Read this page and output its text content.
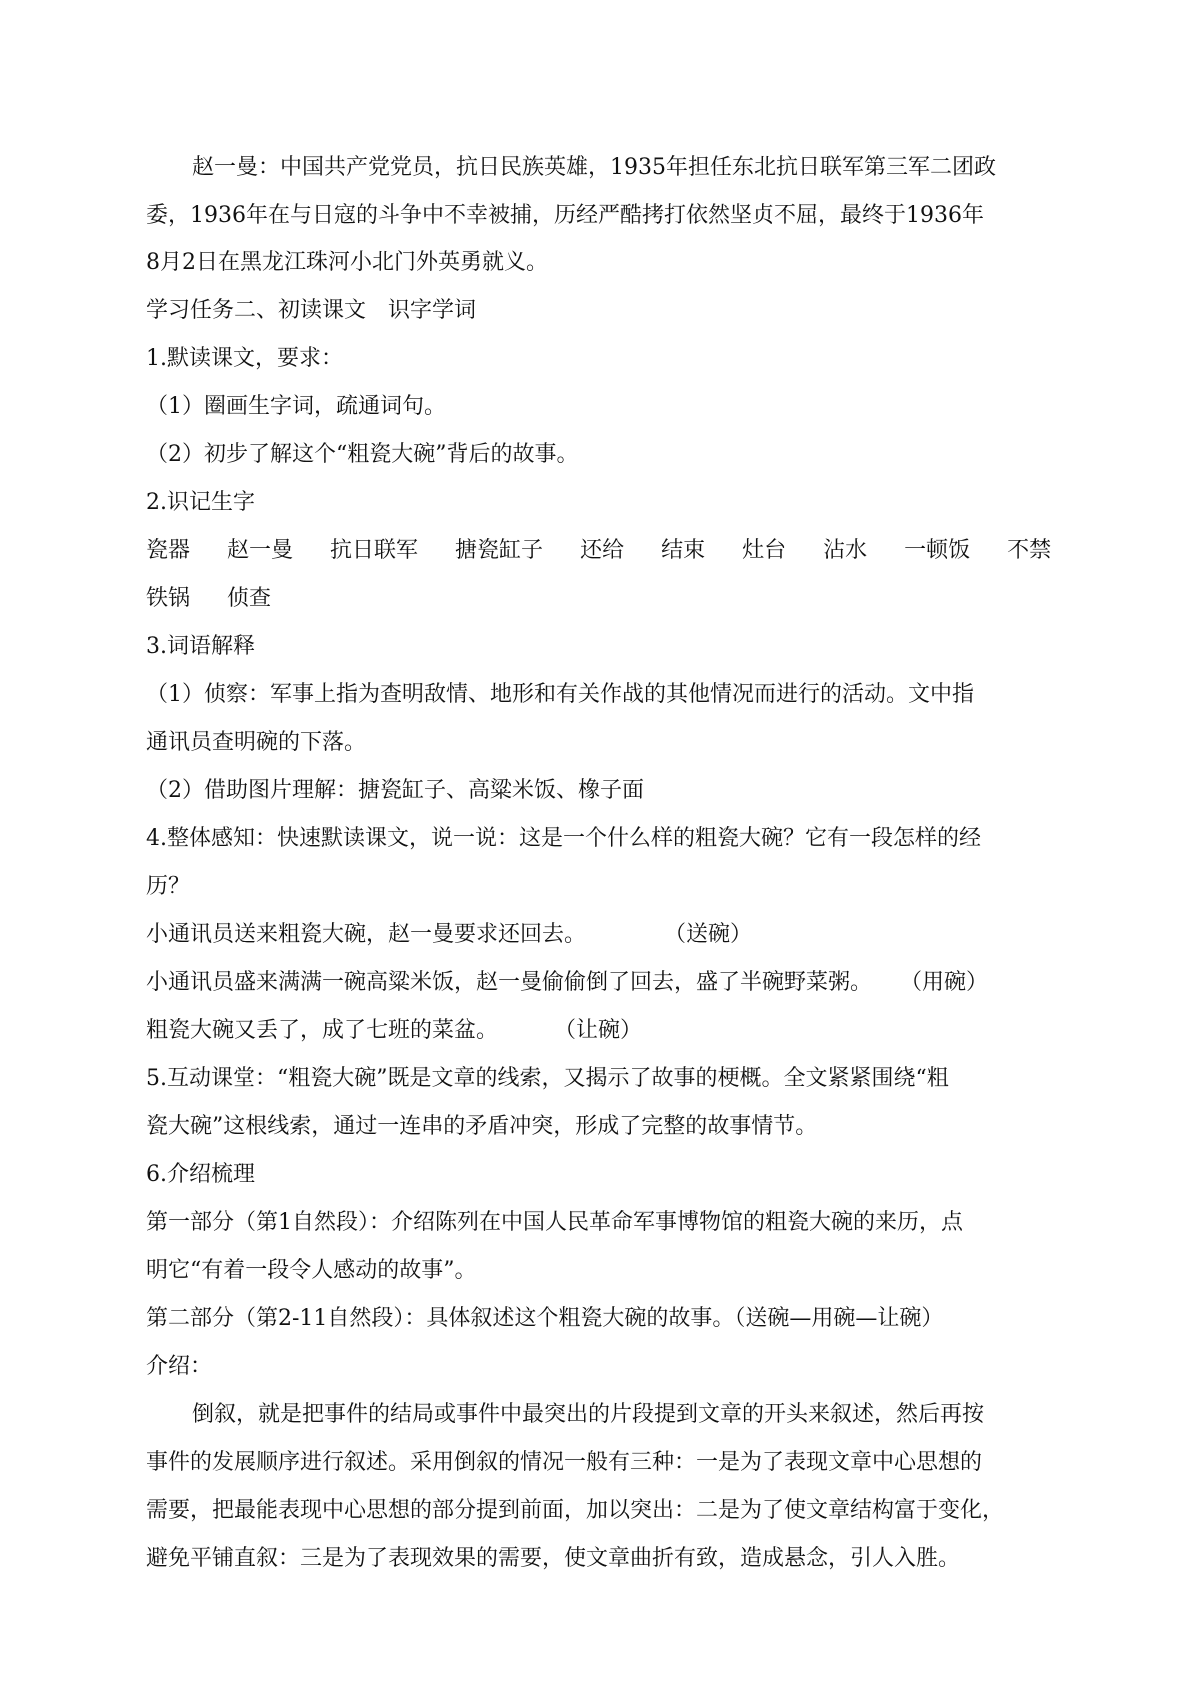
赵一曼：中国共产党党员，抗日民族英雄，1935年担任东北抗日联军第三军二团政
委，1936年在与日寇的斗争中不幸被捕，历经严酷拷打依然坚贞不屈，最终于1936年
8月2日在黑龙江珠河小北门外英勇就义。
学习任务二、初读课文　识字学词
1.默读课文，要求：
（1）圈画生字词，疏通词句。
（2）初步了解这个“粗瓷大碗”背后的故事。
2.识记生字
瓷器 赵一曼 抗日联军 搪瓷缸子 还给 结束 灶台 沾水 一顿饭 不禁
铁锅 侦查
3.词语解释
（1）侦察：军事上指为查明敌情、地形和有关作战的其他情况而进行的活动。文中指
通讯员查明碗的下落。
（2）借助图片理解：搪瓷缸子、高粱米饭、橡子面
4.整体感知：快速默读课文，说一说：这是一个什么样的粗瓷大碗？它有一段怎样的经
历？
小通讯员送来粗瓷大碗，赵一曼要求还回去。	（送碗）
小通讯员盛来满满一碗高粱米饭，赵一曼偷偷倒了回去，盛了半碗野菜粥。 （用碗）
粗瓷大碗又丢了，成了七班的菜盆。	（让碗）
5.互动课堂：“粗瓷大碗”既是文章的线索，又揭示了故事的梗概。全文紧紧围绕“粗
瓷大碗”这根线索，通过一连串的矛盾冲突，形成了完整的故事情节。
6.介绍梳理
第一部分（第1自然段）：介绍陈列在中国人民革命军事博物馆的粗瓷大碗的来历，点
明它“有着一段令人感动的故事”。
第二部分（第2-11自然段）：具体叙述这个粗瓷大碗的故事。（送碗—用碗—让碗）
介绍：
倒叙，就是把事件的结局或事件中最突出的片段提到文章的开头来叙述，然后再按
事件的发展顺序进行叙述。采用倒叙的情况一般有三种：一是为了表现文章中心思想的
需要，把最能表现中心思想的部分提到前面，加以突出：二是为了使文章结构富于变化，
避免平铺直叙：三是为了表现效果的需要，使文章曲折有致，造成悬念，引人入胜。
